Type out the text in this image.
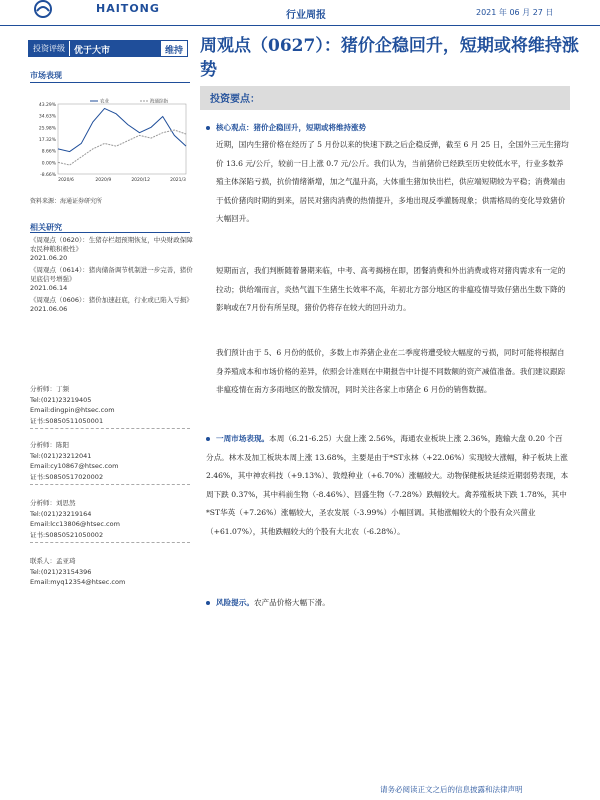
HAITONG
行业周报	2021 年 06 月 27 日
投资评级	优于大市	维持 周观点（0627）：猪价企稳回升，短期或将维持涨势
市场表现
43.29%
34.63%
25.98%
17.32%
8.66%
0.00%
-8.66%
2020/6	2020/9	2020/12	2021/3
农业	海通综指
资料来源：海通证券研究所
相关研究
《周观点（0620）：生猪存栏超预期恢复，中央财政保障农民种粮积极性》
2021.06.20
《周观点（0614）：猪肉储备调节机制进一步完善，猪价见底信号增强》
2021.06.14
《周观点（0606）：猪价加速赶底，行业或已陷入亏损》
2021.06.06
分析师：丁频
Tel:(021)23219405
Email:dingpin@htsec.com
证书:S0850511050001
分析师：陈阳
Tel:(021)23212041
Email:cy10867@htsec.com
证书:S0850517020002
分析师：刘思然
Tel:(021)23219164
Email:lcc13806@htsec.com
证书:S0850521050002
联系人：孟亚琦
Tel:(021)23154396
Email:myq12354@htsec.com
投资要点：
核心观点：猪价企稳回升，短期或将维持涨势
近期，国内生猪价格在经历了 5 月份以来的快速下跌之后企稳反弹，截至 6 月 25 日，全国外三元生猪均价 13.6 元/公斤，较前一日上涨 0.7 元/公斤。我们认为，当前猪价已经跌至历史较低水平，行业多数养殖主体深陷亏损，抗价情绪渐增，加之气温升高，大体重生猪加快出栏，供应端短期较为平稳；消费端由于低价猪肉时期的到来，居民对猪肉消费的热情提升，多地出现反季灌肠现象；供需格局的变化导致猪价大幅回升。
短期而言，我们判断随着暑期来临，中考、高考揭榜在即，团餐消费和外出消费或将对猪肉需求有一定的拉动；供给端而言，炎热气温下生猪生长效率不高，年初北方部分地区的非瘟疫情导致仔猪出生数下降的影响或在7月份有所呈现，猪价仍将存在较大的回升动力。
我们预计由于 5、6 月份的低价，多数上市养猪企业在二季度将遭受较大幅度的亏损，同时可能将根据自身养殖成本和市场价格的差异，依照会计准则在中期报告中计提不同数额的资产减值准备。我们建议跟踪非瘟疫情在南方多雨地区的散发情况，同时关注各家上市猪企 6 月份的销售数据。
一周市场表现。本周（6.21-6.25）大盘上涨 2.56%，海通农业板块上涨 2.36%，跑输大盘 0.20 个百分点。林木及加工板块本周上涨 13.68%，主要是由于*ST永林（+22.06%）实现较大涨幅，种子板块上涨 2.46%，其中神农科技（+9.13%）、敦煌种业（+6.70%）涨幅较大。动物保健板块延续近期弱势表现，本周下跌 0.37%，其中科前生物（-8.46%）、回盛生物（-7.28%）跌幅较大。禽养殖板块下跌 1.78%，其中*ST华英（+7.26%）涨幅较大，圣农发展（-3.99%）小幅回调。其他涨幅较大的个股有众兴菌业（+61.07%），其他跌幅较大的个股有大北农（-6.28%）。
风险提示。农产品价格大幅下滑。
请务必阅读正文之后的信息披露和法律声明
